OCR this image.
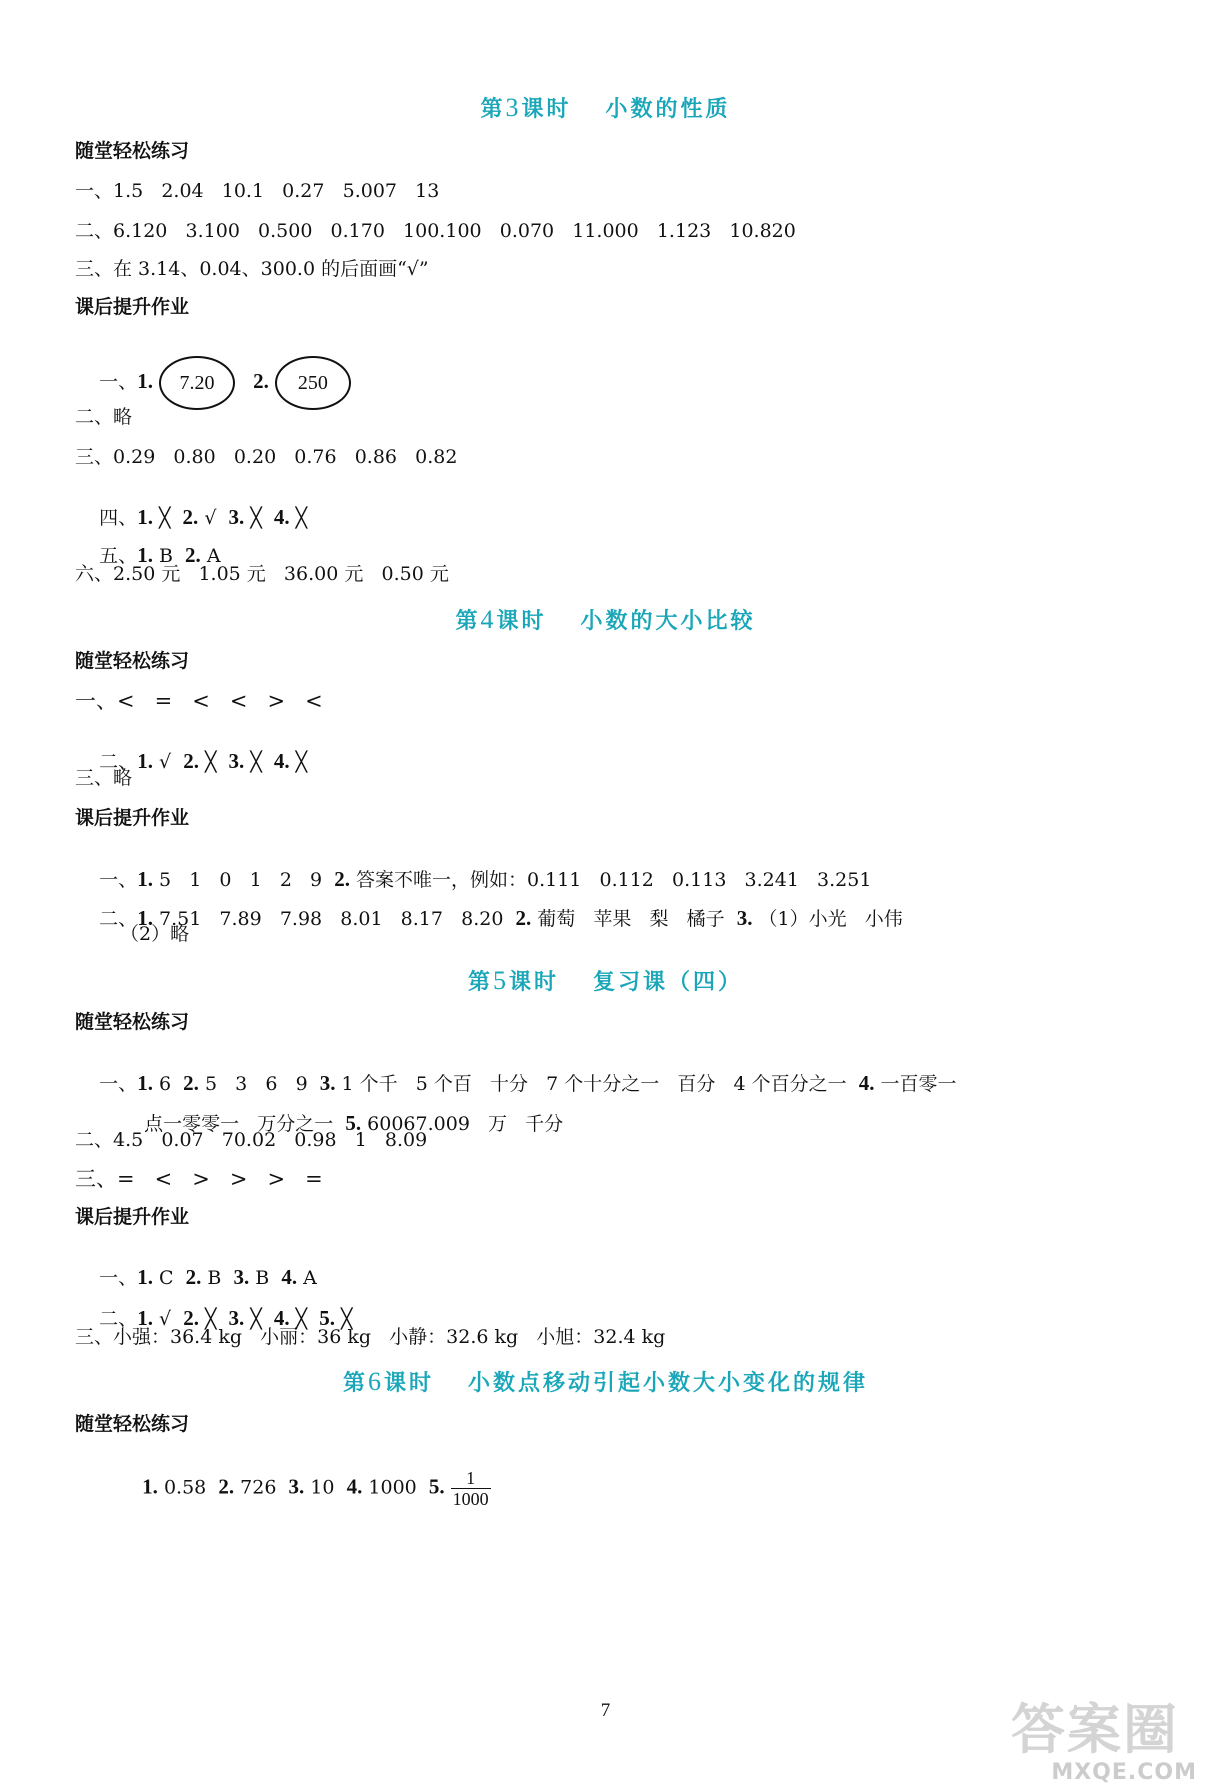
第3课时 小数的性质
随堂轻松练习
一、1.5   2.04   10.1   0.27   5.007   13
二、6.120   3.100   0.500   0.170   100.100   0.070   11.000   1.123   10.820
三、在 3.14、0.04、300.0 的后面画“√”
课后提升作业

一、1. 7.20 2. 250

二、略
三、0.29   0.80   0.20   0.76   0.86   0.82

四、1. ╳ 2. √ 3. ╳ 4. ╳

五、1. B 2. A

六、2.50 元   1.05 元   36.00 元   0.50 元
第4课时 小数的大小比较
随堂轻松练习
一、<   =   <   <   >   <

二、1. √ 2. ╳ 3. ╳ 4. ╳

三、略
课后提升作业

一、1. 5   1   0   1   2   9  2. 答案不唯一，例如：0.111   0.112   0.113   3.241   3.251

二、1. 7.51   7.89   7.98   8.01   8.17   8.20  2. 葡萄   苹果   梨   橘子  3. （1）小光   小伟

（2）略
第5课时 复习课（四）
随堂轻松练习

一、1. 6  2. 5   3   6   9  3. 1 个千   5 个百   十分   7 个十分之一   百分   4 个百分之一  4. 一百零一

点一零零一   万分之一  5. 60067.009   万   千分

二、4.5   0.07   70.02   0.98   1   8.09
三、=   <   >   >   >   =
课后提升作业

一、1. C 2. B 3. B 4. A

二、1. √ 2. ╳ 3. ╳ 4. ╳ 5. ╳

三、小强：36.4 kg   小丽：36 kg   小静：32.6 kg   小旭：32.4 kg
第6课时 小数点移动引起小数大小变化的规律
随堂轻松练习

1. 0.58 2. 726 3. 10 4. 1000 5. $\frac{1}{1000}$

7	答案圈
MXQE.COM
